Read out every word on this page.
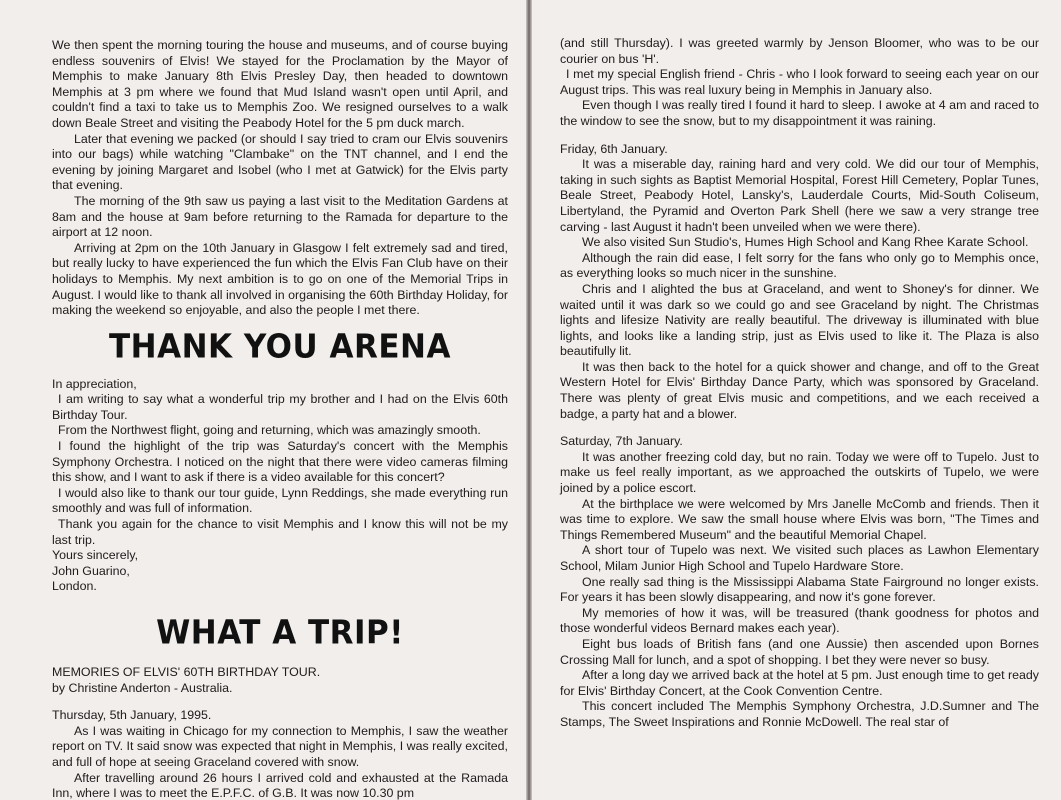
We then spent the morning touring the house and museums, and of course buying endless souvenirs of Elvis! We stayed for the Proclamation by the Mayor of Memphis to make January 8th Elvis Presley Day, then headed to downtown Memphis at 3 pm where we found that Mud Island wasn't open until April, and couldn't find a taxi to take us to Memphis Zoo. We resigned ourselves to a walk down Beale Street and visiting the Peabody Hotel for the 5 pm duck march.

Later that evening we packed (or should I say tried to cram our Elvis souvenirs into our bags) while watching "Clambake" on the TNT channel, and I end the evening by joining Margaret and Isobel (who I met at Gatwick) for the Elvis party that evening.

The morning of the 9th saw us paying a last visit to the Meditation Gardens at 8am and the house at 9am before returning to the Ramada for departure to the airport at 12 noon.

Arriving at 2pm on the 10th January in Glasgow I felt extremely sad and tired, but really lucky to have experienced the fun which the Elvis Fan Club have on their holidays to Memphis. My next ambition is to go on one of the Memorial Trips in August. I would like to thank all involved in organising the 60th Birthday Holiday, for making the weekend so enjoyable, and also the people I met there.

THANK YOU ARENA

In appreciation,

I am writing to say what a wonderful trip my brother and I had on the Elvis 60th Birthday Tour.

From the Northwest flight, going and returning, which was amazingly smooth.

I found the highlight of the trip was Saturday's concert with the Memphis Symphony Orchestra. I noticed on the night that there were video cameras filming this show, and I want to ask if there is a video available for this concert?

I would also like to thank our tour guide, Lynn Reddings, she made everything run smoothly and was full of information.

Thank you again for the chance to visit Memphis and I know this will not be my last trip.

Yours sincerely,

John Guarino,

London.

WHAT A TRIP!

MEMORIES OF ELVIS' 60TH BIRTHDAY TOUR.

by Christine Anderton - Australia.

Thursday, 5th January, 1995.

As I was waiting in Chicago for my connection to Memphis, I saw the weather report on TV. It said snow was expected that night in Memphis, I was really excited, and full of hope at seeing Graceland covered with snow.

After travelling around 26 hours I arrived cold and exhausted at the Ramada Inn, where I was to meet the E.P.F.C. of G.B. It was now 10.30 pm

(and still Thursday). I was greeted warmly by Jenson Bloomer, who was to be our courier on bus 'H'.

I met my special English friend - Chris - who I look forward to seeing each year on our August trips. This was real luxury being in Memphis in January also.

Even though I was really tired I found it hard to sleep. I awoke at 4 am and raced to the window to see the snow, but to my disappointment it was raining.

Friday, 6th January.

It was a miserable day, raining hard and very cold. We did our tour of Memphis, taking in such sights as Baptist Memorial Hospital, Forest Hill Cemetery, Poplar Tunes, Beale Street, Peabody Hotel, Lansky's, Lauderdale Courts, Mid-South Coliseum, Libertyland, the Pyramid and Overton Park Shell (here we saw a very strange tree carving - last August it hadn't been unveiled when we were there).

We also visited Sun Studio's, Humes High School and Kang Rhee Karate School.

Although the rain did ease, I felt sorry for the fans who only go to Memphis once, as everything looks so much nicer in the sunshine.

Chris and I alighted the bus at Graceland, and went to Shoney's for dinner. We waited until it was dark so we could go and see Graceland by night. The Christmas lights and lifesize Nativity are really beautiful. The driveway is illuminated with blue lights, and looks like a landing strip, just as Elvis used to like it. The Plaza is also beautifully lit.

It was then back to the hotel for a quick shower and change, and off to the Great Western Hotel for Elvis' Birthday Dance Party, which was sponsored by Graceland. There was plenty of great Elvis music and competitions, and we each received a badge, a party hat and a blower.

Saturday, 7th January.

It was another freezing cold day, but no rain. Today we were off to Tupelo. Just to make us feel really important, as we approached the outskirts of Tupelo, we were joined by a police escort.

At the birthplace we were welcomed by Mrs Janelle McComb and friends. Then it was time to explore. We saw the small house where Elvis was born, "The Times and Things Remembered Museum" and the beautiful Memorial Chapel.

A short tour of Tupelo was next. We visited such places as Lawhon Elementary School, Milam Junior High School and Tupelo Hardware Store.

One really sad thing is the Mississippi Alabama State Fairground no longer exists. For years it has been slowly disappearing, and now it's gone forever.

My memories of how it was, will be treasured (thank goodness for photos and those wonderful videos Bernard makes each year).

Eight bus loads of British fans (and one Aussie) then ascended upon Bornes Crossing Mall for lunch, and a spot of shopping. I bet they were never so busy.

After a long day we arrived back at the hotel at 5 pm. Just enough time to get ready for Elvis' Birthday Concert, at the Cook Convention Centre.

This concert included The Memphis Symphony Orchestra, J.D.Sumner and The Stamps, The Sweet Inspirations and Ronnie McDowell. The real star of
